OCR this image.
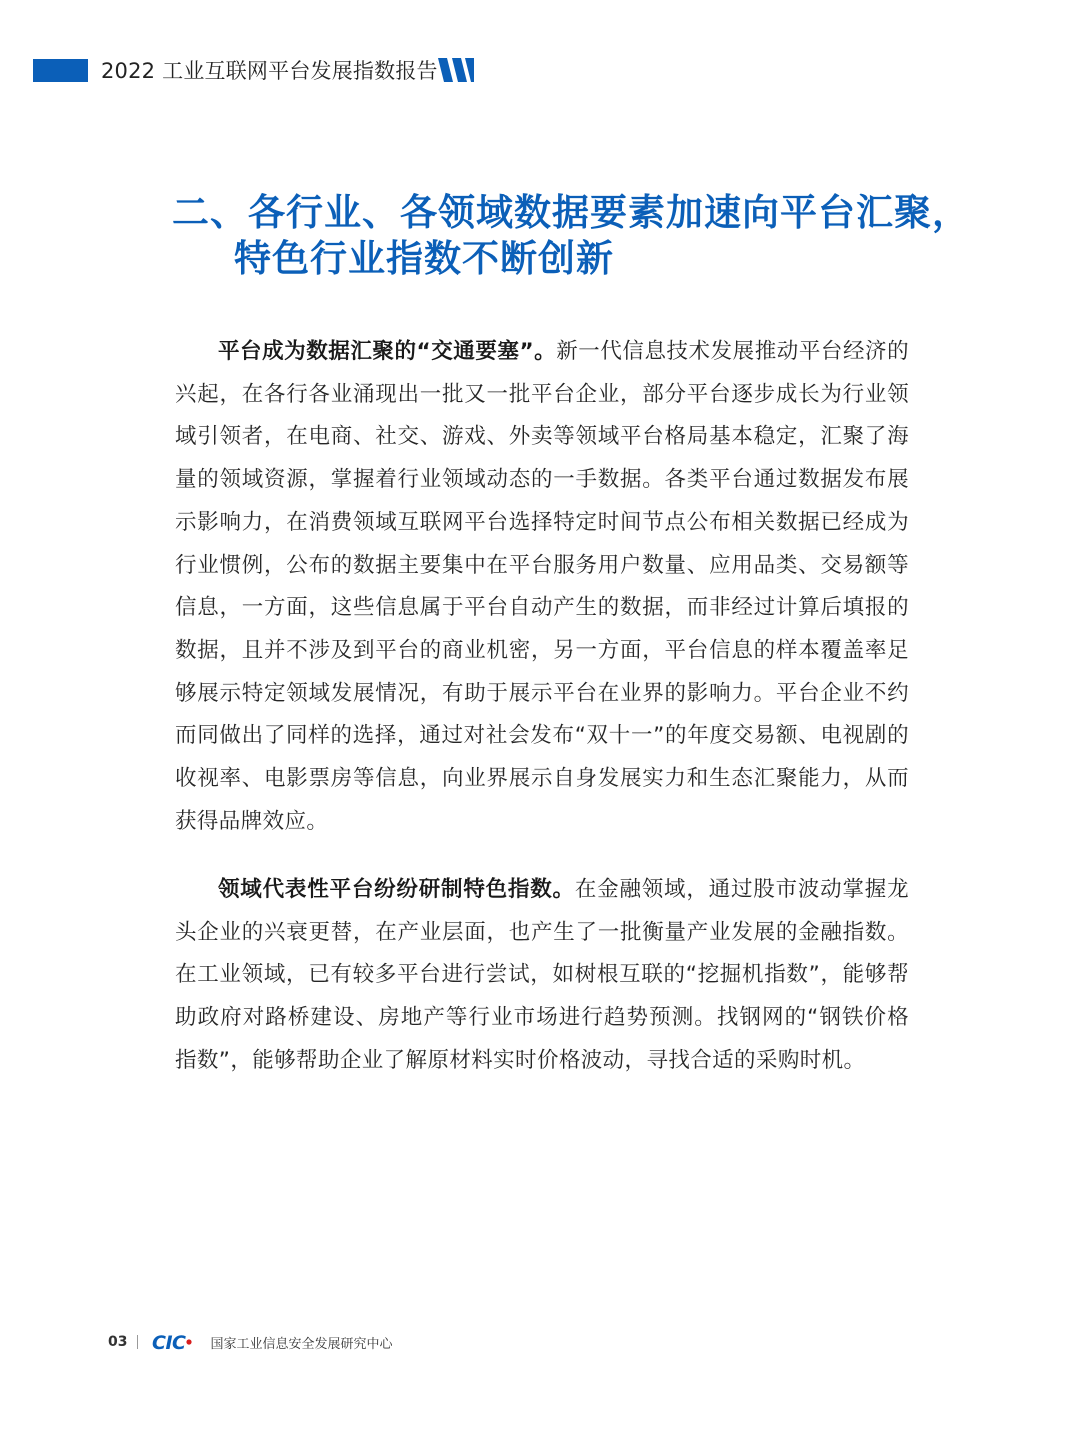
2022 工业互联网平台发展指数报告
二、各行业、各领域数据要素加速向平台汇聚，
特色行业指数不断创新

平台成为数据汇聚的“交通要塞”。新一代信息技术发展推动平台经济的兴起，在各行各业涌现出一批又一批平台企业，部分平台逐步成长为行业领域引领者，在电商、社交、游戏、外卖等领域平台格局基本稳定，汇聚了海量的领域资源，掌握着行业领域动态的一手数据。各类平台通过数据发布展示影响力，在消费领域互联网平台选择特定时间节点公布相关数据已经成为行业惯例，公布的数据主要集中在平台服务用户数量、应用品类、交易额等信息，一方面，这些信息属于平台自动产生的数据，而非经过计算后填报的数据，且并不涉及到平台的商业机密，另一方面，平台信息的样本覆盖率足够展示特定领域发展情况，有助于展示平台在业界的影响力。平台企业不约而同做出了同样的选择，通过对社会发布“双十一”的年度交易额、电视剧的收视率、电影票房等信息，向业界展示自身发展实力和生态汇聚能力，从而获得品牌效应。

领域代表性平台纷纷研制特色指数。在金融领域，通过股市波动掌握龙头企业的兴衰更替，在产业层面，也产生了一批衡量产业发展的金融指数。在工业领域，已有较多平台进行尝试，如树根互联的“挖掘机指数”，能够帮助政府对路桥建设、房地产等行业市场进行趋势预测。找钢网的“钢铁价格指数”，能够帮助企业了解原材料实时价格波动，寻找合适的采购时机。

03 CIC 国家工业信息安全发展研究中心
